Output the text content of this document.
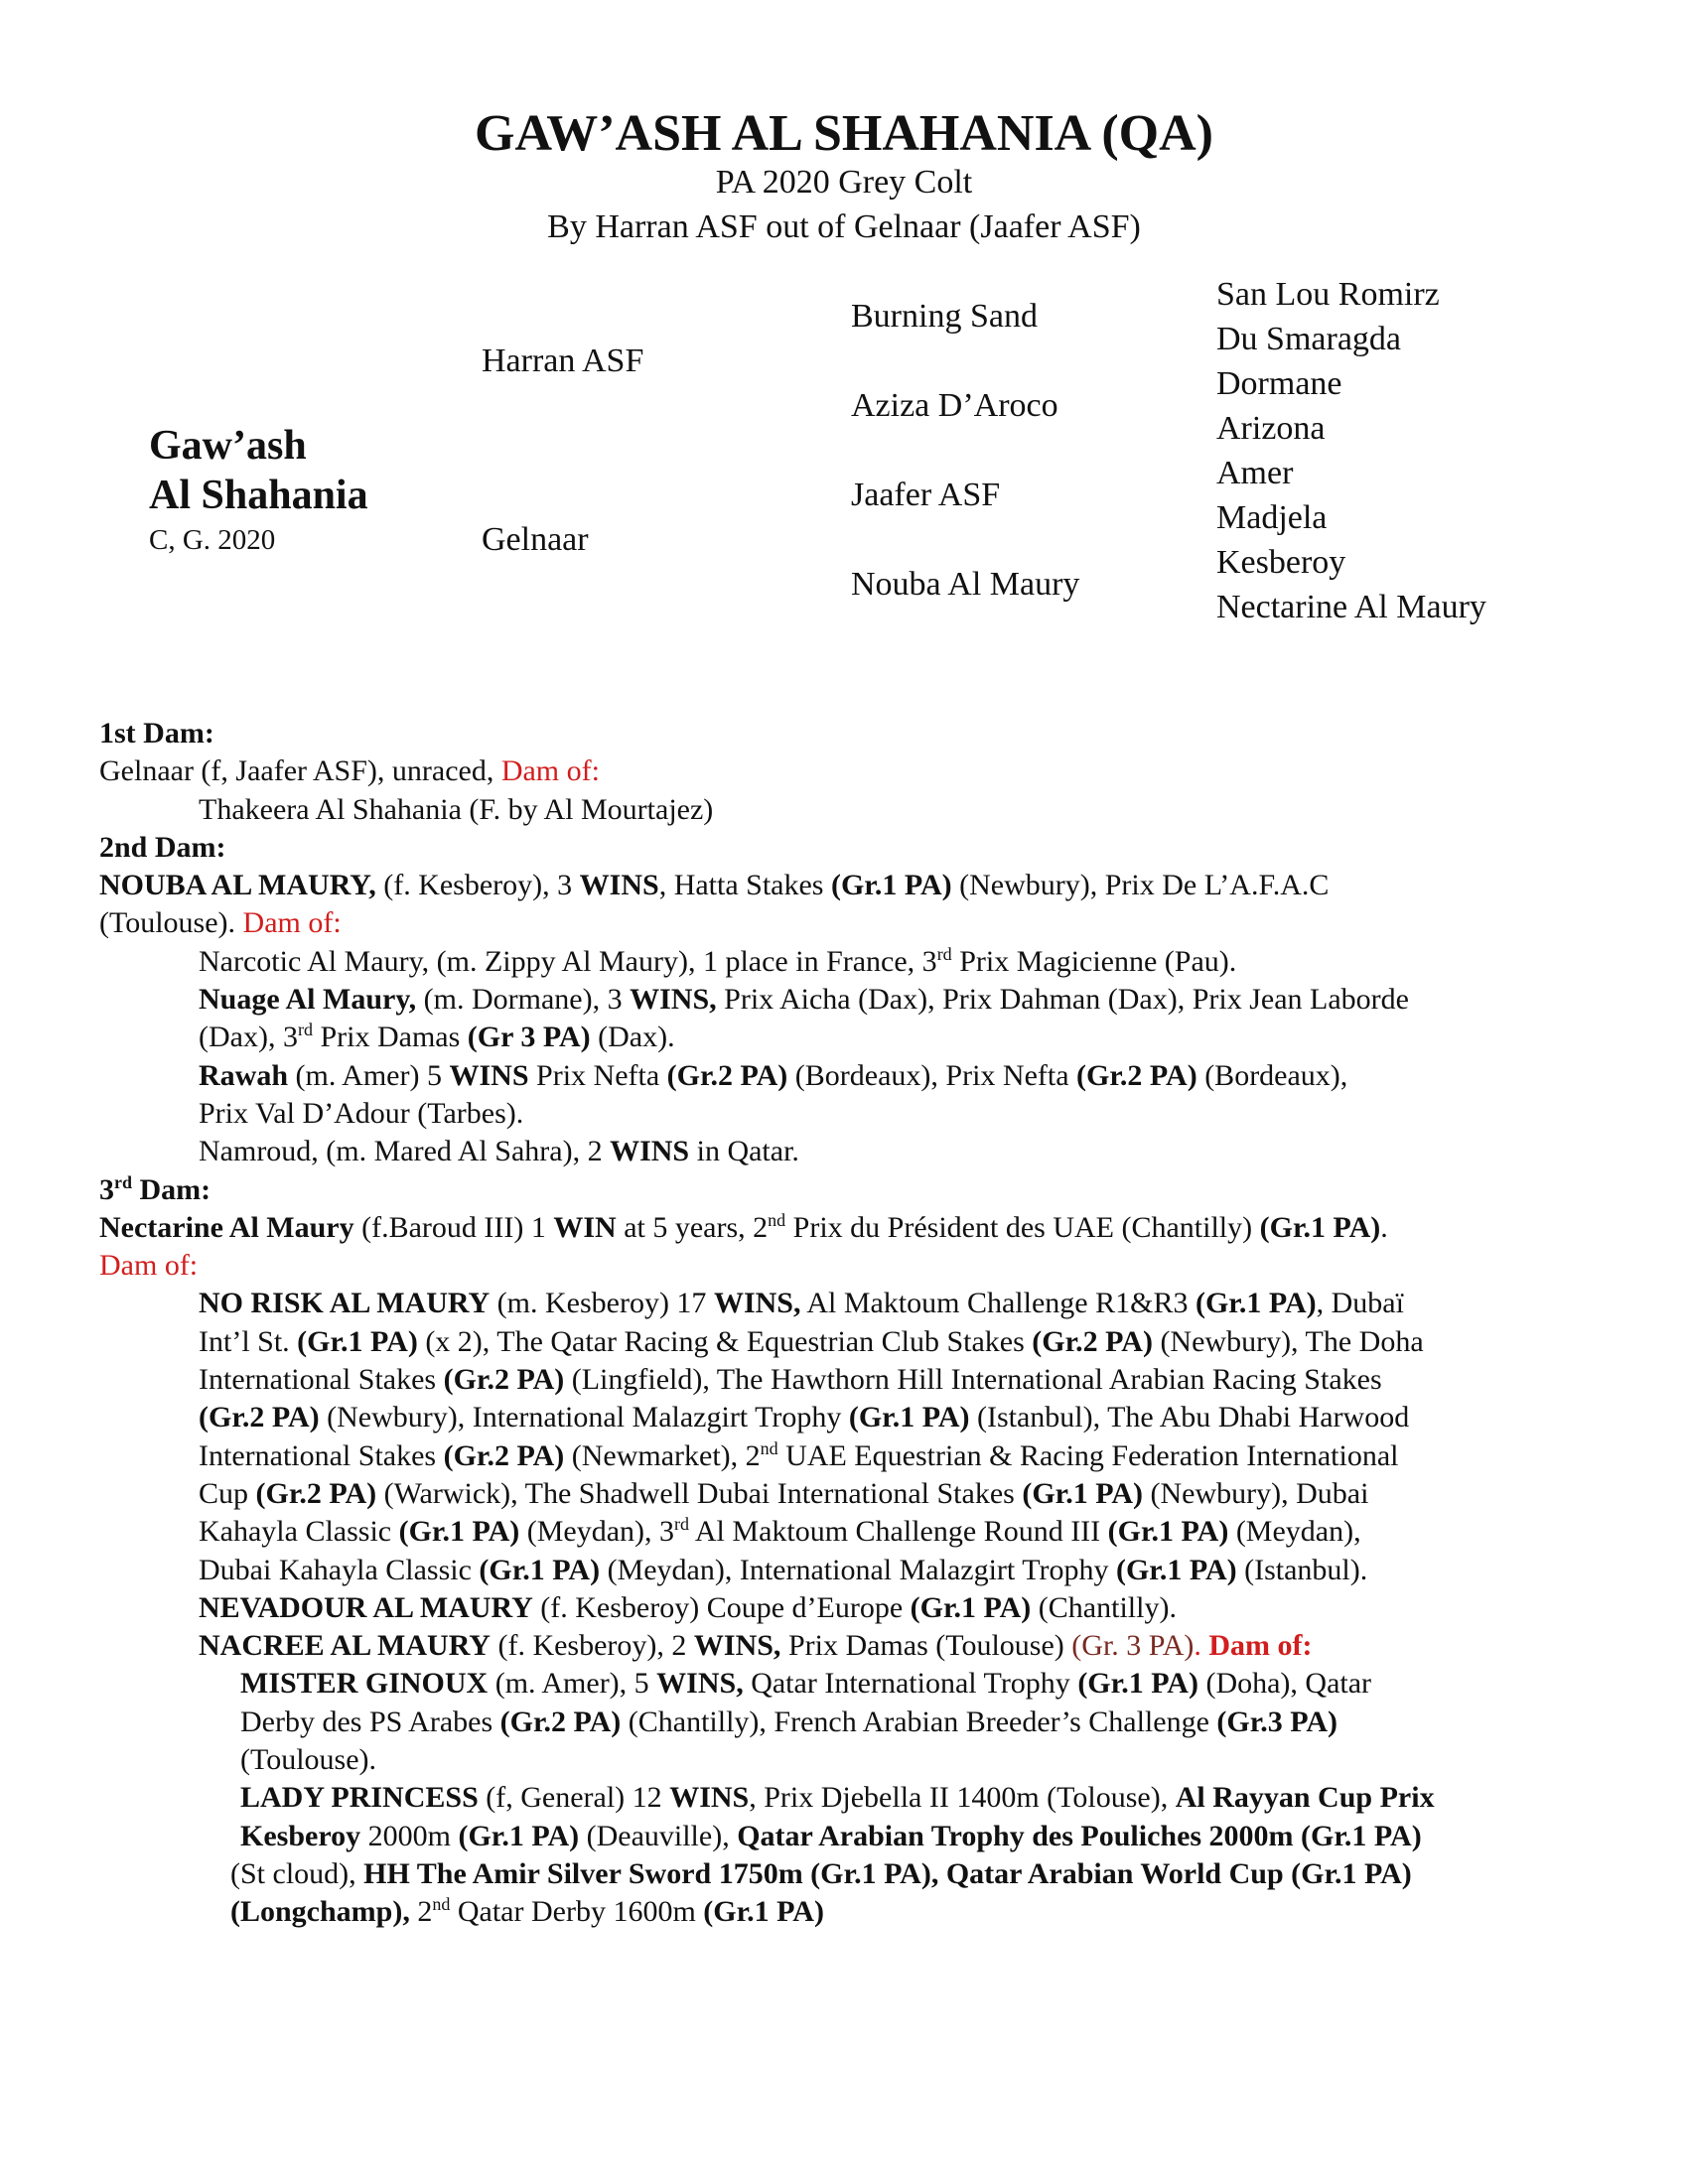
GAW’ASH AL SHAHANIA (QA)
PA 2020 Grey Colt
By Harran ASF out of Gelnaar (Jaafer ASF)
Gaw’ash
Al Shahania
C, G. 2020
Harran ASF
Gelnaar
Burning Sand
Aziza D’Aroco
Jaafer ASF
Nouba Al Maury
San Lou Romirz
Du Smaragda
Dormane
Arizona
Amer
Madjela
Kesberoy
Nectarine Al Maury

1st Dam:

Gelnaar (f, Jaafer ASF), unraced, Dam of:

Thakeera Al Shahania (F. by Al Mourtajez)

2nd Dam:

NOUBA AL MAURY, (f. Kesberoy), 3 WINS, Hatta Stakes (Gr.1 PA) (Newbury), Prix De L’A.F.A.C

(Toulouse). Dam of:

Narcotic Al Maury, (m. Zippy Al Maury), 1 place in France, 3rd Prix Magicienne (Pau).

Nuage Al Maury, (m. Dormane), 3 WINS, Prix Aicha (Dax), Prix Dahman (Dax), Prix Jean Laborde

(Dax), 3rd Prix Damas (Gr 3 PA) (Dax).

Rawah (m. Amer) 5 WINS Prix Nefta (Gr.2 PA) (Bordeaux), Prix Nefta (Gr.2 PA) (Bordeaux),

Prix Val D’Adour (Tarbes).

Namroud, (m. Mared Al Sahra), 2 WINS in Qatar.

3rd Dam:

Nectarine Al Maury (f.Baroud III) 1 WIN at 5 years, 2nd Prix du Président des UAE (Chantilly) (Gr.1 PA).

Dam of:

NO RISK AL MAURY (m. Kesberoy) 17 WINS, Al Maktoum Challenge R1&R3 (Gr.1 PA), Dubaï

Int’l St. (Gr.1 PA) (x 2), The Qatar Racing & Equestrian Club Stakes (Gr.2 PA) (Newbury), The Doha

International Stakes (Gr.2 PA) (Lingfield), The Hawthorn Hill International Arabian Racing Stakes

(Gr.2 PA) (Newbury), International Malazgirt Trophy (Gr.1 PA) (Istanbul), The Abu Dhabi Harwood

International Stakes (Gr.2 PA) (Newmarket), 2nd UAE Equestrian & Racing Federation International

Cup (Gr.2 PA) (Warwick), The Shadwell Dubai International Stakes (Gr.1 PA) (Newbury), Dubai

Kahayla Classic (Gr.1 PA) (Meydan), 3rd Al Maktoum Challenge Round III (Gr.1 PA) (Meydan),

Dubai Kahayla Classic (Gr.1 PA) (Meydan), International Malazgirt Trophy (Gr.1 PA) (Istanbul).

NEVADOUR AL MAURY (f. Kesberoy) Coupe d’Europe (Gr.1 PA) (Chantilly).

NACREE AL MAURY (f. Kesberoy), 2 WINS, Prix Damas (Toulouse) (Gr. 3 PA). Dam of:

MISTER GINOUX (m. Amer), 5 WINS, Qatar International Trophy (Gr.1 PA) (Doha), Qatar

Derby des PS Arabes (Gr.2 PA) (Chantilly), French Arabian Breeder’s Challenge (Gr.3 PA)

(Toulouse).

LADY PRINCESS (f, General) 12 WINS, Prix Djebella II 1400m (Tolouse), Al Rayyan Cup Prix

Kesberoy 2000m (Gr.1 PA) (Deauville), Qatar Arabian Trophy des Pouliches 2000m (Gr.1 PA)

(St cloud), HH The Amir Silver Sword 1750m (Gr.1 PA), Qatar Arabian World Cup (Gr.1 PA)

(Longchamp), 2nd Qatar Derby 1600m (Gr.1 PA)
